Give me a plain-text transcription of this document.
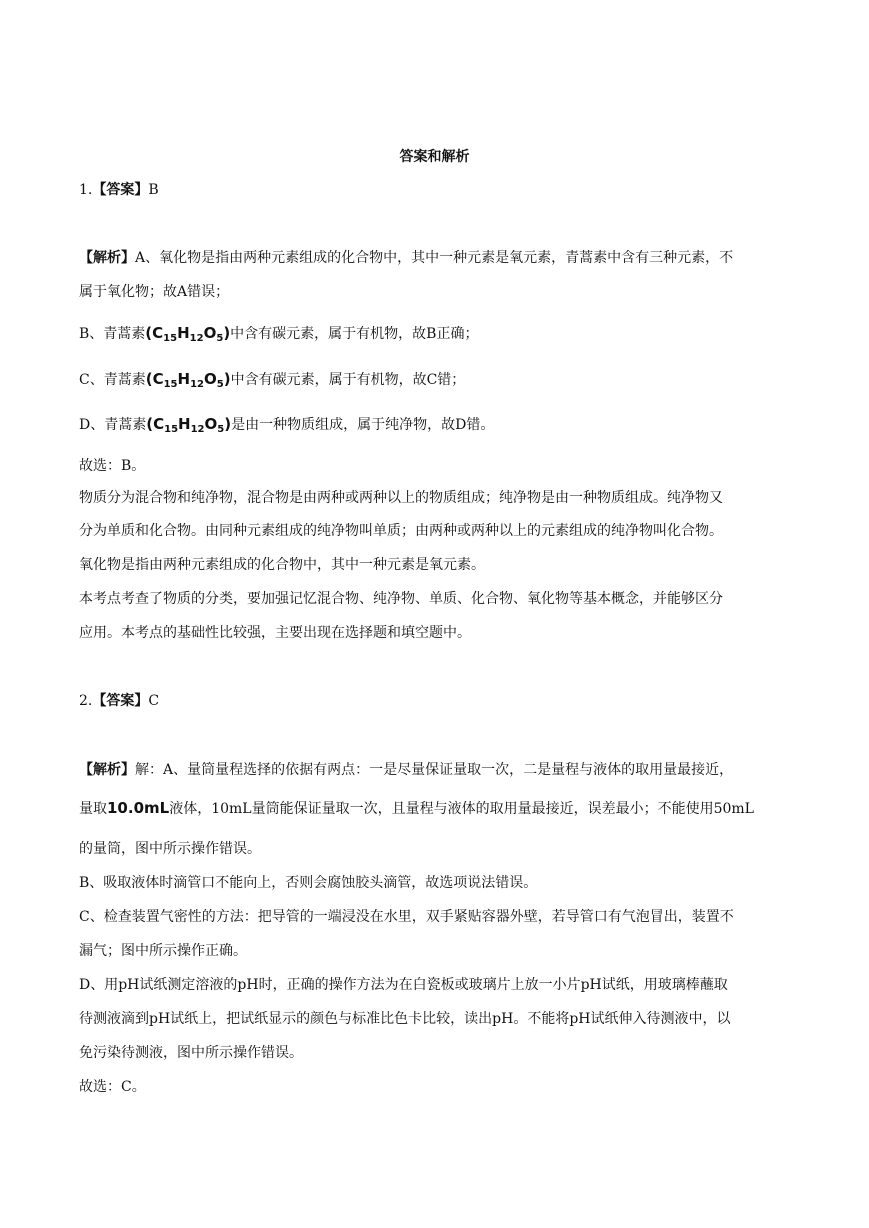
答案和解析
1.【答案】B
【解析】A、氧化物是指由两种元素组成的化合物中，其中一种元素是氧元素，青蒿素中含有三种元素，不
属于氧化物；故A错误；
B、青蒿素$(C_{15}H_{12}O_5)$中含有碳元素，属于有机物，故B正确；
C、青蒿素$(C_{15}H_{12}O_5)$中含有碳元素，属于有机物，故C错；
D、青蒿素$(C_{15}H_{12}O_5)$是由一种物质组成，属于纯净物，故D错。
故选：B。
物质分为混合物和纯净物，混合物是由两种或两种以上的物质组成；纯净物是由一种物质组成。纯净物又
分为单质和化合物。由同种元素组成的纯净物叫单质；由两种或两种以上的元素组成的纯净物叫化合物。
氧化物是指由两种元素组成的化合物中，其中一种元素是氧元素。
本考点考查了物质的分类，要加强记忆混合物、纯净物、单质、化合物、氧化物等基本概念，并能够区分
应用。本考点的基础性比较强，主要出现在选择题和填空题中。
2.【答案】C
【解析】解：A、量筒量程选择的依据有两点：一是尽量保证量取一次，二是量程与液体的取用量最接近，
量取10.0mL液体，10mL量筒能保证量取一次，且量程与液体的取用量最接近，误差最小；不能使用50mL
的量筒，图中所示操作错误。
B、吸取液体时滴管口不能向上，否则会腐蚀胶头滴管，故选项说法错误。
C、检查装置气密性的方法：把导管的一端浸没在水里，双手紧贴容器外壁，若导管口有气泡冒出，装置不
漏气；图中所示操作正确。
D、用pH试纸测定溶液的pH时，正确的操作方法为在白瓷板或玻璃片上放一小片pH试纸，用玻璃棒蘸取
待测液滴到pH试纸上，把试纸显示的颜色与标准比色卡比较，读出pH。不能将pH试纸伸入待测液中，以
免污染待测液，图中所示操作错误。
故选：C。
